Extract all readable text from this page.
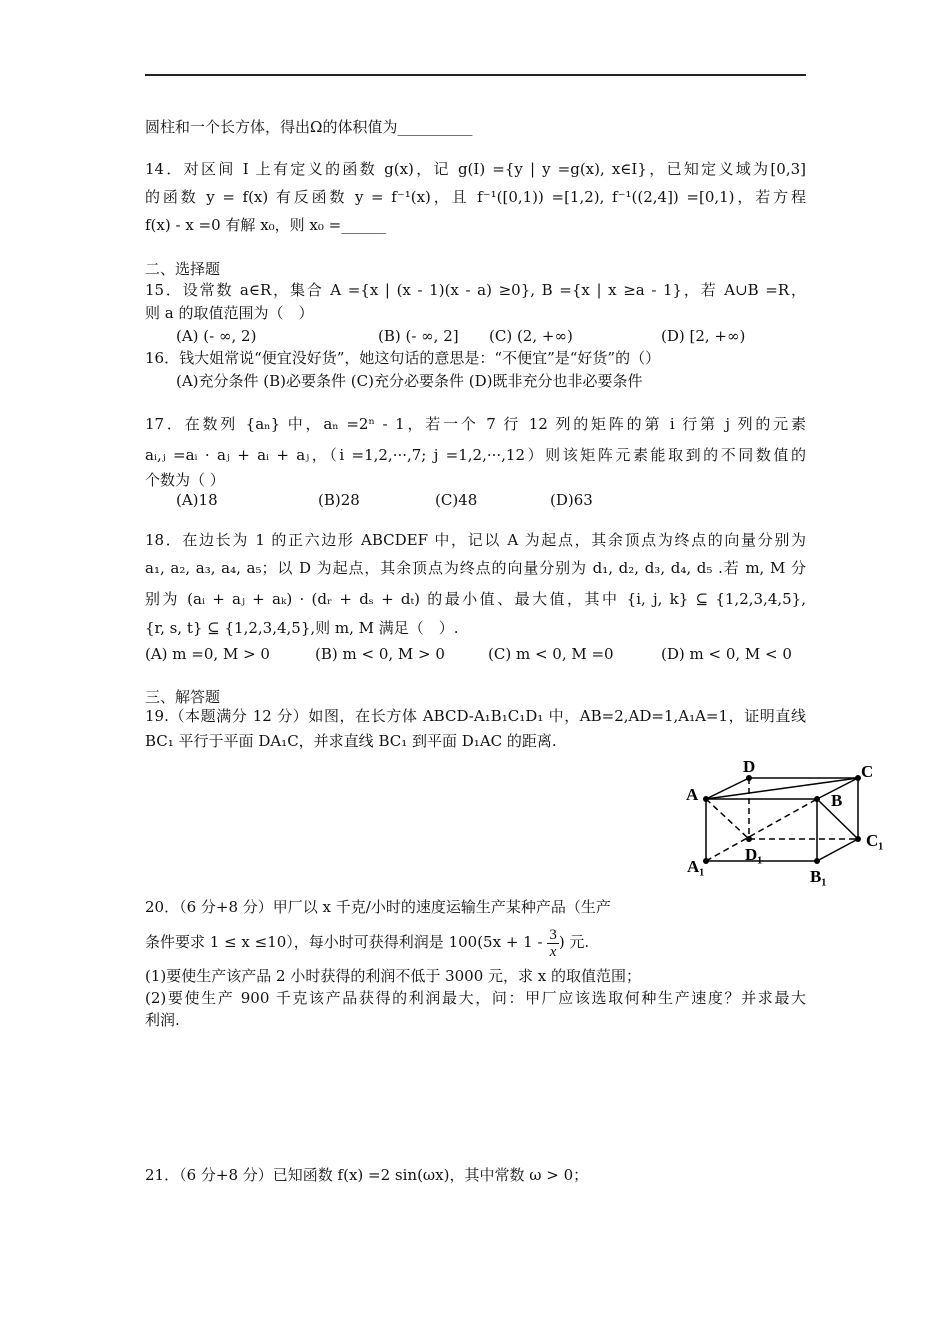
圆柱和一个长方体，得出Ω的体积值为__________
14．对区间 I 上有定义的函数 g(x)，记 g(I) ={y | y =g(x), x∈I}，已知定义域为[0,3]
的函数 y = f(x) 有反函数 y = f⁻¹(x)，且 f⁻¹([0,1)) =[1,2), f⁻¹((2,4]) =[0,1)，若方程
f(x) - x =0 有解 x₀，则 x₀ =______
二、选择题
15．设常数 a∈R，集合 A ={x | (x - 1)(x - a) ≥0}, B ={x | x ≥a - 1}，若 A∪B =R，
则 a 的取值范围为（　）
(A) (- ∞, 2)	(B) (- ∞, 2] (C) (2, +∞)	(D) [2, +∞)
16．钱大姐常说“便宜没好货”，她这句话的意思是：“不便宜”是“好货”的（）
(A)充分条件 (B)必要条件 (C)充分必要条件 (D)既非充分也非必要条件
17．在数列 {aₙ} 中，aₙ =2ⁿ - 1，若一个 7 行 12 列的矩阵的第 i 行第 j 列的元素
aᵢ,ⱼ =aᵢ · aⱼ + aᵢ + aⱼ，（i =1,2,···,7; j =1,2,···,12）则该矩阵元素能取到的不同数值的
个数为（ ）
(A)18	(B)28	(C)48	(D)63
18．在边长为 1 的正六边形 ABCDEF 中，记以 A 为起点，其余顶点为终点的向量分别为
a₁, a₂, a₃, a₄, a₅；以 D 为起点，其余顶点为终点的向量分别为 d₁, d₂, d₃, d₄, d₅ .若 m, M 分
别为 (aᵢ + aⱼ + aₖ) · (dᵣ + dₛ + dₜ) 的最小值、最大值，其中 {i, j, k} ⊆ {1,2,3,4,5},
{r, s, t} ⊆ {1,2,3,4,5},则 m, M 满足（　）.
(A) m =0, M > 0	(B) m < 0, M > 0	(C) m < 0, M =0	(D) m < 0, M < 0
三、解答题
19.（本题满分 12 分）如图，在长方体 ABCD-A₁B₁C₁D₁ 中，AB=2,AD=1,A₁A=1，证明直线
BC₁ 平行于平面 DA₁C，并求直线 BC₁ 到平面 D₁AC 的距离.
D	C
A	B
C₁
D₁
A₁
B₁
20．（6 分+8 分）甲厂以 x 千克/小时的速度运输生产某种产品（生产
条件要求 1 ≤ x ≤10），每小时可获得利润是 $100(5x + 1 - \frac{3}{x}$ ) 元.
(1)要使生产该产品 2 小时获得的利润不低于 3000 元，求 x 的取值范围；
(2)要使生产 900 千克该产品获得的利润最大，问：甲厂应该选取何种生产速度？并求最大
利润.
21．（6 分+8 分）已知函数 f(x) =2 sin(ωx)，其中常数 ω > 0；
